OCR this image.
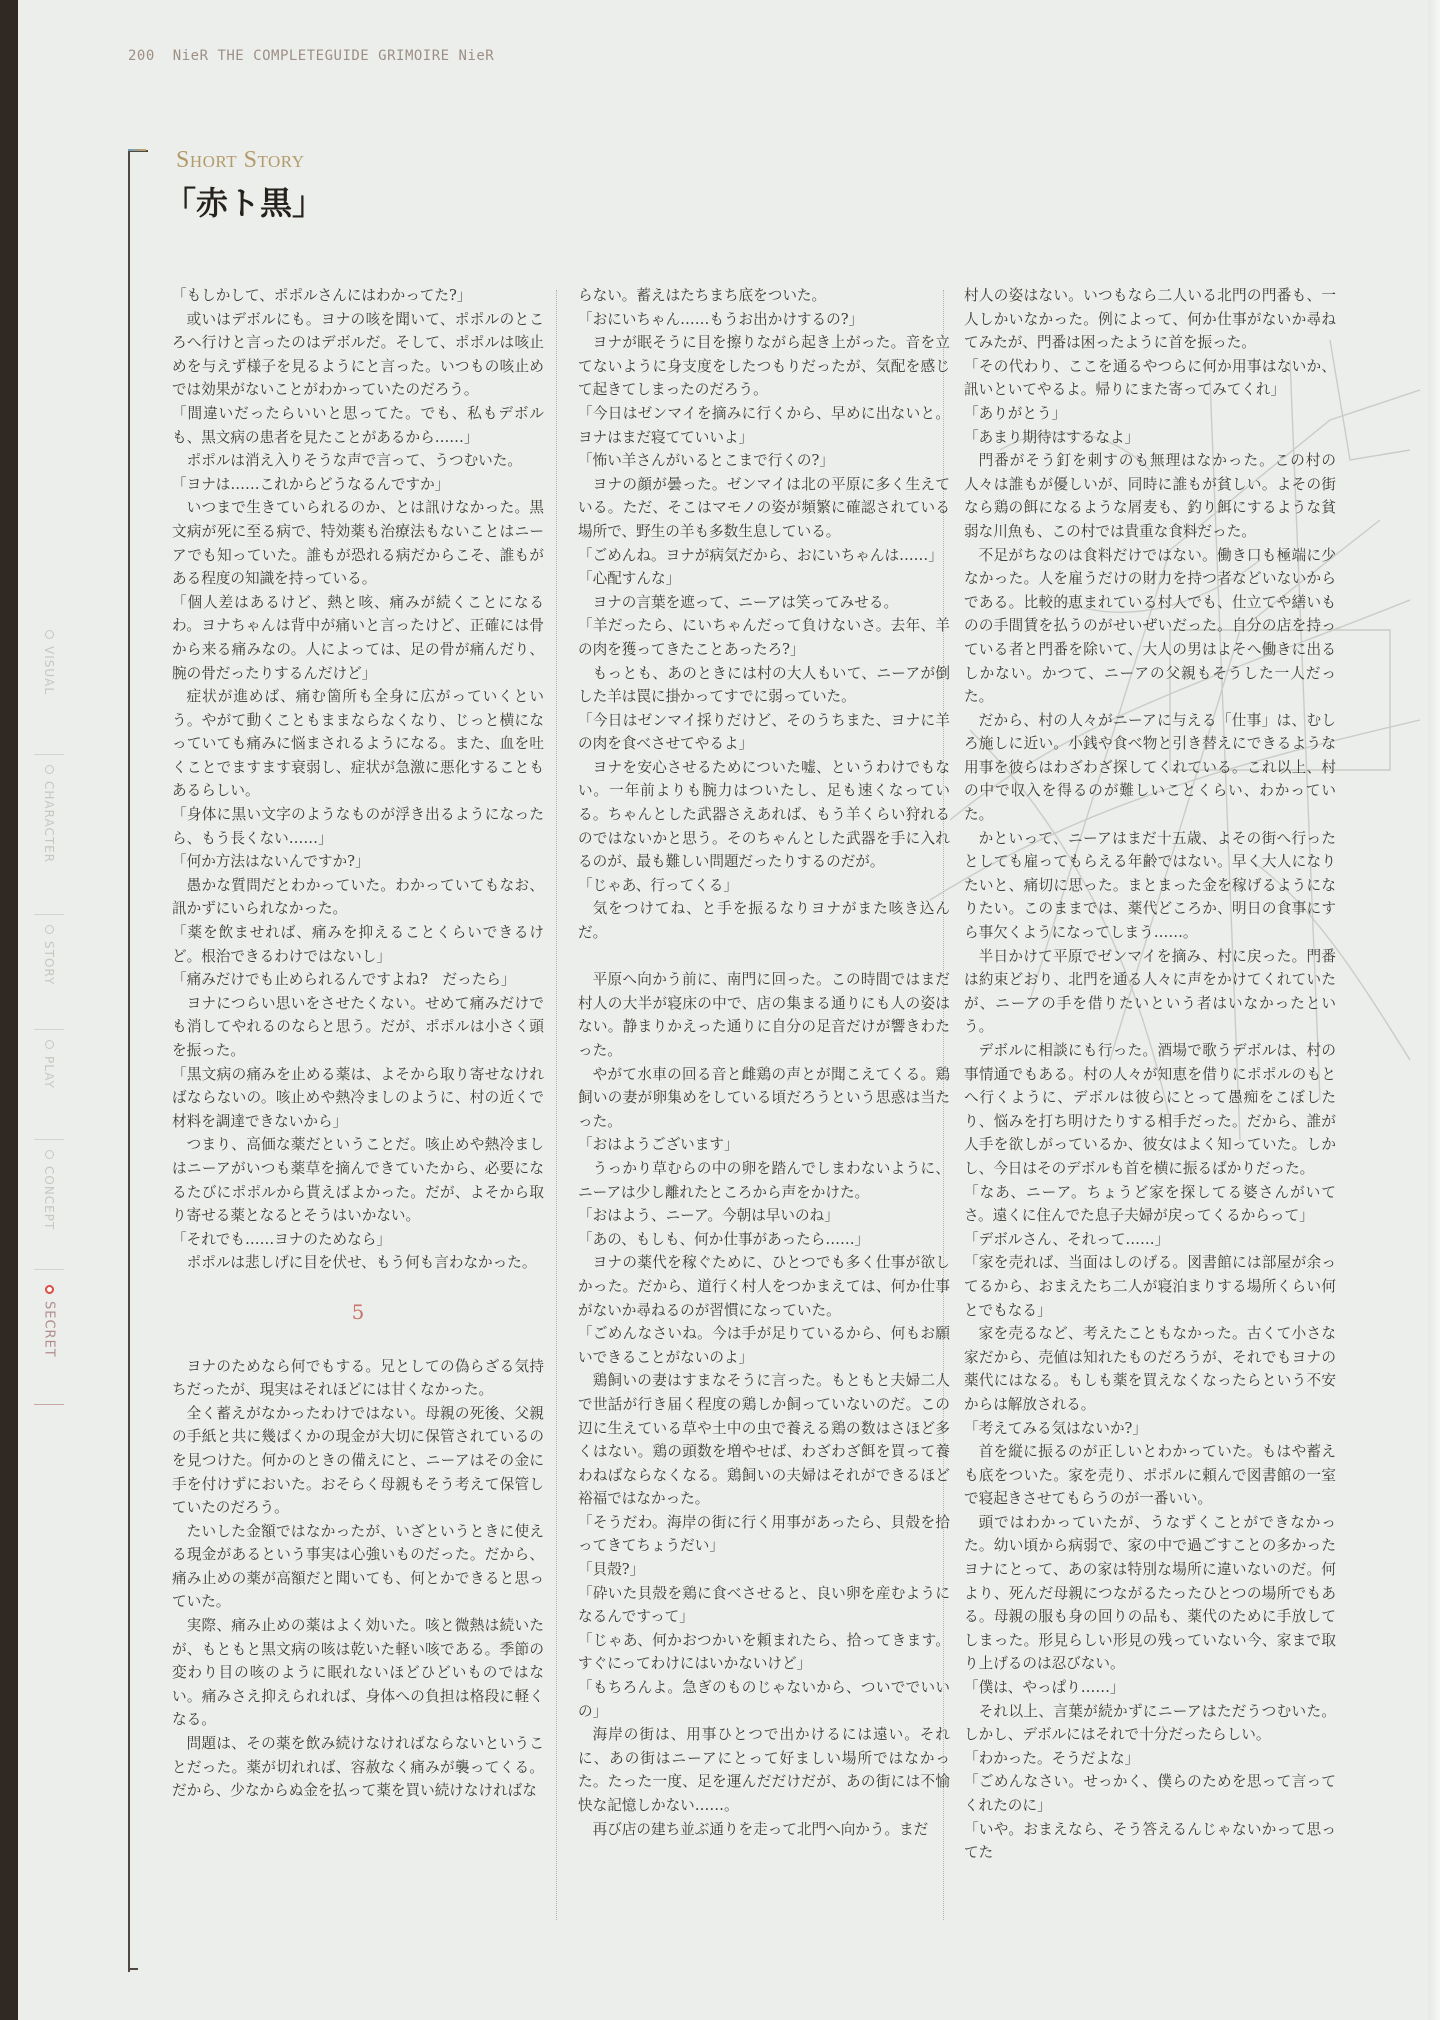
200 NieR THE COMPLETEGUIDE GRIMOIRE NieR
Short Story
「赤ト黒」
VISUAL
CHARACTER
STORY
PLAY
CONCEPT
SECRET

「もしかして、ポポルさんにはわかってた?」

或いはデボルにも。ヨナの咳を聞いて、ポポルのところへ行けと言ったのはデボルだ。そして、ポポルは咳止めを与えず様子を見るようにと言った。いつもの咳止めでは効果がないことがわかっていたのだろう。

「間違いだったらいいと思ってた。でも、私もデボルも、黒文病の患者を見たことがあるから……」

ポポルは消え入りそうな声で言って、うつむいた。

「ヨナは……これからどうなるんですか」

いつまで生きていられるのか、とは訊けなかった。黒文病が死に至る病で、特効薬も治療法もないことはニーアでも知っていた。誰もが恐れる病だからこそ、誰もがある程度の知識を持っている。

「個人差はあるけど、熱と咳、痛みが続くことになるわ。ヨナちゃんは背中が痛いと言ったけど、正確には骨から来る痛みなの。人によっては、足の骨が痛んだり、腕の骨だったりするんだけど」

症状が進めば、痛む箇所も全身に広がっていくという。やがて動くこともままならなくなり、じっと横になっていても痛みに悩まされるようになる。また、血を吐くことでますます衰弱し、症状が急激に悪化することもあるらしい。

「身体に黒い文字のようなものが浮き出るようになったら、もう長くない……」

「何か方法はないんですか?」

愚かな質問だとわかっていた。わかっていてもなお、訊かずにいられなかった。

「薬を飲ませれば、痛みを抑えることくらいできるけど。根治できるわけではないし」

「痛みだけでも止められるんですよね?　だったら」

ヨナにつらい思いをさせたくない。せめて痛みだけでも消してやれるのならと思う。だが、ポポルは小さく頭を振った。

「黒文病の痛みを止める薬は、よそから取り寄せなければならないの。咳止めや熱冷ましのように、村の近くで材料を調達できないから」

つまり、高価な薬だということだ。咳止めや熱冷ましはニーアがいつも薬草を摘んできていたから、必要になるたびにポポルから貰えばよかった。だが、よそから取り寄せる薬となるとそうはいかない。

「それでも……ヨナのためなら」

ポポルは悲しげに目を伏せ、もう何も言わなかった。

5

ヨナのためなら何でもする。兄としての偽らざる気持ちだったが、現実はそれほどには甘くなかった。

全く蓄えがなかったわけではない。母親の死後、父親の手紙と共に幾ばくかの現金が大切に保管されているのを見つけた。何かのときの備えにと、ニーアはその金に手を付けずにおいた。おそらく母親もそう考えて保管していたのだろう。

たいした金額ではなかったが、いざというときに使える現金があるという事実は心強いものだった。だから、痛み止めの薬が高額だと聞いても、何とかできると思っていた。

実際、痛み止めの薬はよく効いた。咳と微熱は続いたが、もともと黒文病の咳は乾いた軽い咳である。季節の変わり目の咳のように眠れないほどひどいものではない。痛みさえ抑えられれば、身体への負担は格段に軽くなる。

問題は、その薬を飲み続けなければならないということだった。薬が切れれば、容赦なく痛みが襲ってくる。だから、少なからぬ金を払って薬を買い続けなければな

らない。蓄えはたちまち底をついた。

「おにいちゃん……もうお出かけするの?」

ヨナが眠そうに目を擦りながら起き上がった。音を立てないように身支度をしたつもりだったが、気配を感じて起きてしまったのだろう。

「今日はゼンマイを摘みに行くから、早めに出ないと。ヨナはまだ寝てていいよ」

「怖い羊さんがいるとこまで行くの?」

ヨナの顔が曇った。ゼンマイは北の平原に多く生えている。ただ、そこはマモノの姿が頻繁に確認されている場所で、野生の羊も多数生息している。

「ごめんね。ヨナが病気だから、おにいちゃんは……」

「心配すんな」

ヨナの言葉を遮って、ニーアは笑ってみせる。

「羊だったら、にいちゃんだって負けないさ。去年、羊の肉を獲ってきたことあったろ?」

もっとも、あのときには村の大人もいて、ニーアが倒した羊は罠に掛かってすでに弱っていた。

「今日はゼンマイ採りだけど、そのうちまた、ヨナに羊の肉を食べさせてやるよ」

ヨナを安心させるためについた嘘、というわけでもない。一年前よりも腕力はついたし、足も速くなっている。ちゃんとした武器さえあれば、もう羊くらい狩れるのではないかと思う。そのちゃんとした武器を手に入れるのが、最も難しい問題だったりするのだが。

「じゃあ、行ってくる」

気をつけてね、と手を振るなりヨナがまた咳き込んだ。

平原へ向かう前に、南門に回った。この時間ではまだ村人の大半が寝床の中で、店の集まる通りにも人の姿はない。静まりかえった通りに自分の足音だけが響きわたった。

やがて水車の回る音と雌鶏の声とが聞こえてくる。鶏飼いの妻が卵集めをしている頃だろうという思惑は当たった。

「おはようございます」

うっかり草むらの中の卵を踏んでしまわないように、ニーアは少し離れたところから声をかけた。

「おはよう、ニーア。今朝は早いのね」

「あの、もしも、何か仕事があったら……」

ヨナの薬代を稼ぐために、ひとつでも多く仕事が欲しかった。だから、道行く村人をつかまえては、何か仕事がないか尋ねるのが習慣になっていた。

「ごめんなさいね。今は手が足りているから、何もお願いできることがないのよ」

鶏飼いの妻はすまなそうに言った。もともと夫婦二人で世話が行き届く程度の鶏しか飼っていないのだ。この辺に生えている草や土中の虫で養える鶏の数はさほど多くはない。鶏の頭数を増やせば、わざわざ餌を買って養わねばならなくなる。鶏飼いの夫婦はそれができるほど裕福ではなかった。

「そうだわ。海岸の街に行く用事があったら、貝殻を拾ってきてちょうだい」

「貝殻?」

「砕いた貝殻を鶏に食べさせると、良い卵を産むようになるんですって」

「じゃあ、何かおつかいを頼まれたら、拾ってきます。すぐにってわけにはいかないけど」

「もちろんよ。急ぎのものじゃないから、ついででいいの」

海岸の街は、用事ひとつで出かけるには遠い。それに、あの街はニーアにとって好ましい場所ではなかった。たった一度、足を運んだだけだが、あの街には不愉快な記憶しかない……。

再び店の建ち並ぶ通りを走って北門へ向かう。まだ

村人の姿はない。いつもなら二人いる北門の門番も、一人しかいなかった。例によって、何か仕事がないか尋ねてみたが、門番は困ったように首を振った。

「その代わり、ここを通るやつらに何か用事はないか、訊いといてやるよ。帰りにまた寄ってみてくれ」

「ありがとう」

「あまり期待はするなよ」

門番がそう釘を刺すのも無理はなかった。この村の人々は誰もが優しいが、同時に誰もが貧しい。よその街なら鶏の餌になるような屑麦も、釣り餌にするような貧弱な川魚も、この村では貴重な食料だった。

不足がちなのは食料だけではない。働き口も極端に少なかった。人を雇うだけの財力を持つ者などいないからである。比較的恵まれている村人でも、仕立てや繕いものの手間賃を払うのがせいぜいだった。自分の店を持っている者と門番を除いて、大人の男はよそへ働きに出るしかない。かつて、ニーアの父親もそうした一人だった。

だから、村の人々がニーアに与える「仕事」は、むしろ施しに近い。小銭や食べ物と引き替えにできるような用事を彼らはわざわざ探してくれている。これ以上、村の中で収入を得るのが難しいことくらい、わかっていた。

かといって、ニーアはまだ十五歳、よその街へ行ったとしても雇ってもらえる年齢ではない。早く大人になりたいと、痛切に思った。まとまった金を稼げるようになりたい。このままでは、薬代どころか、明日の食事にすら事欠くようになってしまう……。

半日かけて平原でゼンマイを摘み、村に戻った。門番は約束どおり、北門を通る人々に声をかけてくれていたが、ニーアの手を借りたいという者はいなかったという。

デボルに相談にも行った。酒場で歌うデボルは、村の事情通でもある。村の人々が知恵を借りにポポルのもとへ行くように、デボルは彼らにとって愚痴をこぼしたり、悩みを打ち明けたりする相手だった。だから、誰が人手を欲しがっているか、彼女はよく知っていた。しかし、今日はそのデボルも首を横に振るばかりだった。

「なあ、ニーア。ちょうど家を探してる婆さんがいてさ。遠くに住んでた息子夫婦が戻ってくるからって」

「デボルさん、それって……」

「家を売れば、当面はしのげる。図書館には部屋が余ってるから、おまえたち二人が寝泊まりする場所くらい何とでもなる」

家を売るなど、考えたこともなかった。古くて小さな家だから、売値は知れたものだろうが、それでもヨナの薬代にはなる。もしも薬を買えなくなったらという不安からは解放される。

「考えてみる気はないか?」

首を縦に振るのが正しいとわかっていた。もはや蓄えも底をついた。家を売り、ポポルに頼んで図書館の一室で寝起きさせてもらうのが一番いい。

頭ではわかっていたが、うなずくことができなかった。幼い頃から病弱で、家の中で過ごすことの多かったヨナにとって、あの家は特別な場所に違いないのだ。何より、死んだ母親につながるたったひとつの場所でもある。母親の服も身の回りの品も、薬代のために手放してしまった。形見らしい形見の残っていない今、家まで取り上げるのは忍びない。

「僕は、やっぱり……」

それ以上、言葉が続かずにニーアはただうつむいた。しかし、デボルにはそれで十分だったらしい。

「わかった。そうだよな」

「ごめんなさい。せっかく、僕らのためを思って言ってくれたのに」

「いや。おまえなら、そう答えるんじゃないかって思ってた
